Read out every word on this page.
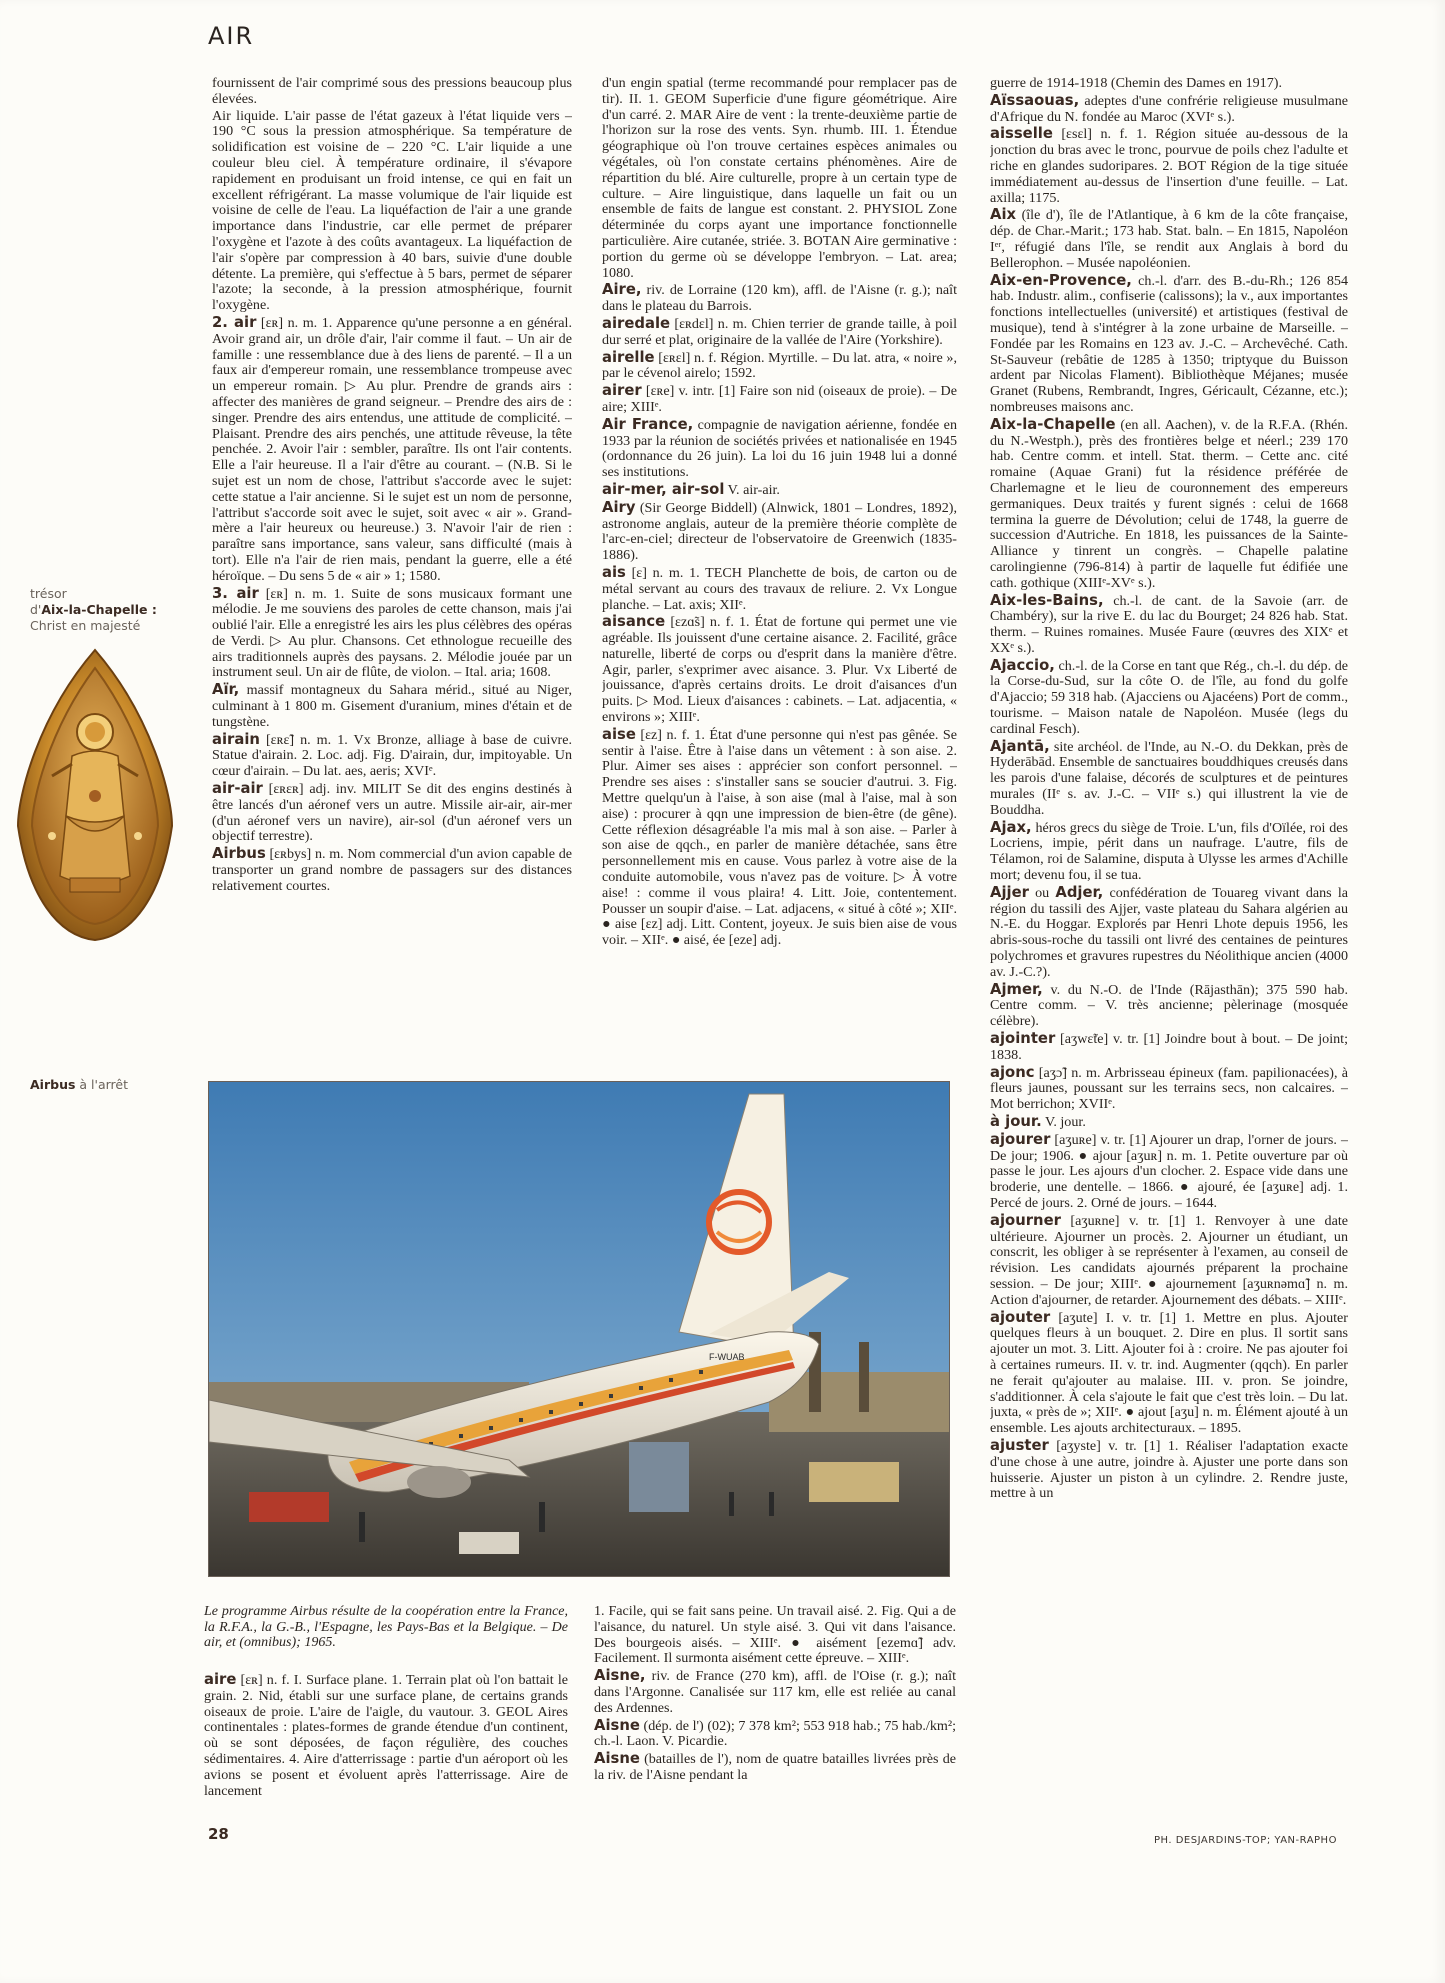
AIR
trésor
d'Aix-la-Chapelle :
Christ en majesté
Airbus à l'arrêt

fournissent de l'air comprimé sous des pressions beaucoup plus élevées.

Air liquide. L'air passe de l'état gazeux à l'état liquide vers – 190 °C sous la pression atmosphérique. Sa température de solidification est voisine de – 220 °C. L'air liquide a une couleur bleu ciel. À température ordinaire, il s'évapore rapidement en produisant un froid intense, ce qui en fait un excellent réfrigérant. La masse volumique de l'air liquide est voisine de celle de l'eau. La liquéfaction de l'air a une grande importance dans l'industrie, car elle permet de préparer l'oxygène et l'azote à des coûts avantageux. La liquéfaction de l'air s'opère par compression à 40 bars, suivie d'une double détente. La première, qui s'effectue à 5 bars, permet de séparer l'azote; la seconde, à la pression atmosphérique, fournit l'oxygène.

2. air [ɛʀ] n. m. 1. Apparence qu'une personne a en général. Avoir grand air, un drôle d'air, l'air comme il faut. – Un air de famille : une ressemblance due à des liens de parenté. – Il a un faux air d'empereur romain, une ressemblance trompeuse avec un empereur romain. ▷ Au plur. Prendre de grands airs : affecter des manières de grand seigneur. – Prendre des airs de : singer. Prendre des airs entendus, une attitude de complicité. – Plaisant. Prendre des airs penchés, une attitude rêveuse, la tête penchée. 2. Avoir l'air : sembler, paraître. Ils ont l'air contents. Elle a l'air heureuse. Il a l'air d'être au courant. – (N.B. Si le sujet est un nom de chose, l'attribut s'accorde avec le sujet: cette statue a l'air ancienne. Si le sujet est un nom de personne, l'attribut s'accorde soit avec le sujet, soit avec « air ». Grand-mère a l'air heureux ou heureuse.) 3. N'avoir l'air de rien : paraître sans importance, sans valeur, sans difficulté (mais à tort). Elle n'a l'air de rien mais, pendant la guerre, elle a été héroïque. – Du sens 5 de « air » 1; 1580.

3. air [ɛʀ] n. m. 1. Suite de sons musicaux formant une mélodie. Je me souviens des paroles de cette chanson, mais j'ai oublié l'air. Elle a enregistré les airs les plus célèbres des opéras de Verdi. ▷ Au plur. Chansons. Cet ethnologue recueille des airs traditionnels auprès des paysans. 2. Mélodie jouée par un instrument seul. Un air de flûte, de violon. – Ital. aria; 1608.

Aïr, massif montagneux du Sahara mérid., situé au Niger, culminant à 1 800 m. Gisement d'uranium, mines d'étain et de tungstène.

airain [ɛʀɛ̃] n. m. 1. Vx Bronze, alliage à base de cuivre. Statue d'airain. 2. Loc. adj. Fig. D'airain, dur, impitoyable. Un cœur d'airain. – Du lat. aes, aeris; XVIᵉ.

air-air [ɛʀɛʀ] adj. inv. MILIT Se dit des engins destinés à être lancés d'un aéronef vers un autre. Missile air-air, air-mer (d'un aéronef vers un navire), air-sol (d'un aéronef vers un objectif terrestre).

Airbus [ɛʀbys] n. m. Nom commercial d'un avion capable de transporter un grand nombre de passagers sur des distances relativement courtes.

d'un engin spatial (terme recommandé pour remplacer pas de tir). II. 1. GEOM Superficie d'une figure géométrique. Aire d'un carré. 2. MAR Aire de vent : la trente-deuxième partie de l'horizon sur la rose des vents. Syn. rhumb. III. 1. Étendue géographique où l'on trouve certaines espèces animales ou végétales, où l'on constate certains phénomènes. Aire de répartition du blé. Aire culturelle, propre à un certain type de culture. – Aire linguistique, dans laquelle un fait ou un ensemble de faits de langue est constant. 2. PHYSIOL Zone déterminée du corps ayant une importance fonctionnelle particulière. Aire cutanée, striée. 3. BOTAN Aire germinative : portion du germe où se développe l'embryon. – Lat. area; 1080.

Aire, riv. de Lorraine (120 km), affl. de l'Aisne (r. g.); naît dans le plateau du Barrois.

airedale [ɛʀdɛl] n. m. Chien terrier de grande taille, à poil dur serré et plat, originaire de la vallée de l'Aire (Yorkshire).

airelle [ɛʀɛl] n. f. Région. Myrtille. – Du lat. atra, « noire », par le cévenol airelo; 1592.

airer [ɛʀe] v. intr. [1] Faire son nid (oiseaux de proie). – De aire; XIIIᵉ.

Air France, compagnie de navigation aérienne, fondée en 1933 par la réunion de sociétés privées et nationalisée en 1945 (ordonnance du 26 juin). La loi du 16 juin 1948 lui a donné ses institutions.

air-mer, air-sol V. air-air.

Airy (Sir George Biddell) (Alnwick, 1801 – Londres, 1892), astronome anglais, auteur de la première théorie complète de l'arc-en-ciel; directeur de l'observatoire de Greenwich (1835-1886).

ais [ɛ] n. m. 1. TECH Planchette de bois, de carton ou de métal servant au cours des travaux de reliure. 2. Vx Longue planche. – Lat. axis; XIIᵉ.

aisance [ɛzɑ̃s] n. f. 1. État de fortune qui permet une vie agréable. Ils jouissent d'une certaine aisance. 2. Facilité, grâce naturelle, liberté de corps ou d'esprit dans la manière d'être. Agir, parler, s'exprimer avec aisance. 3. Plur. Vx Liberté de jouissance, d'après certains droits. Le droit d'aisances d'un puits. ▷ Mod. Lieux d'aisances : cabinets. – Lat. adjacentia, « environs »; XIIIᵉ.

aise [ɛz] n. f. 1. État d'une personne qui n'est pas gênée. Se sentir à l'aise. Être à l'aise dans un vêtement : à son aise. 2. Plur. Aimer ses aises : apprécier son confort personnel. – Prendre ses aises : s'installer sans se soucier d'autrui. 3. Fig. Mettre quelqu'un à l'aise, à son aise (mal à l'aise, mal à son aise) : procurer à qqn une impression de bien-être (de gêne). Cette réflexion désagréable l'a mis mal à son aise. – Parler à son aise de qqch., en parler de manière détachée, sans être personnellement mis en cause. Vous parlez à votre aise de la conduite automobile, vous n'avez pas de voiture. ▷ À votre aise! : comme il vous plaira! 4. Litt. Joie, contentement. Pousser un soupir d'aise. – Lat. adjacens, « situé à côté »; XIIᵉ. ● aise [ɛz] adj. Litt. Content, joyeux. Je suis bien aise de vous voir. – XIIᵉ. ● aisé, ée [eze] adj.

guerre de 1914-1918 (Chemin des Dames en 1917).

Aïssaouas, adeptes d'une confrérie religieuse musulmane d'Afrique du N. fondée au Maroc (XVIᵉ s.).

aisselle [ɛsɛl] n. f. 1. Région située au-dessous de la jonction du bras avec le tronc, pourvue de poils chez l'adulte et riche en glandes sudoripares. 2. BOT Région de la tige située immédiatement au-dessus de l'insertion d'une feuille. – Lat. axilla; 1175.

Aix (île d'), île de l'Atlantique, à 6 km de la côte française, dép. de Char.-Marit.; 173 hab. Stat. baln. – En 1815, Napoléon Iᵉʳ, réfugié dans l'île, se rendit aux Anglais à bord du Bellerophon. – Musée napoléonien.

Aix-en-Provence, ch.-l. d'arr. des B.-du-Rh.; 126 854 hab. Industr. alim., confiserie (calissons); la v., aux importantes fonctions intellectuelles (université) et artistiques (festival de musique), tend à s'intégrer à la zone urbaine de Marseille. – Fondée par les Romains en 123 av. J.-C. – Archevêché. Cath. St-Sauveur (rebâtie de 1285 à 1350; triptyque du Buisson ardent par Nicolas Flament). Bibliothèque Méjanes; musée Granet (Rubens, Rembrandt, Ingres, Géricault, Cézanne, etc.); nombreuses maisons anc.

Aix-la-Chapelle (en all. Aachen), v. de la R.F.A. (Rhén. du N.-Westph.), près des frontières belge et néerl.; 239 170 hab. Centre comm. et intell. Stat. therm. – Cette anc. cité romaine (Aquae Grani) fut la résidence préférée de Charlemagne et le lieu de couronnement des empereurs germaniques. Deux traités y furent signés : celui de 1668 termina la guerre de Dévolution; celui de 1748, la guerre de succession d'Autriche. En 1818, les puissances de la Sainte-Alliance y tinrent un congrès. – Chapelle palatine carolingienne (796-814) à partir de laquelle fut édifiée une cath. gothique (XIIIᵉ-XVᵉ s.).

Aix-les-Bains, ch.-l. de cant. de la Savoie (arr. de Chambéry), sur la rive E. du lac du Bourget; 24 826 hab. Stat. therm. – Ruines romaines. Musée Faure (œuvres des XIXᵉ et XXᵉ s.).

Ajaccio, ch.-l. de la Corse en tant que Rég., ch.-l. du dép. de la Corse-du-Sud, sur la côte O. de l'île, au fond du golfe d'Ajaccio; 59 318 hab. (Ajacciens ou Ajacéens) Port de comm., tourisme. – Maison natale de Napoléon. Musée (legs du cardinal Fesch).

Ajantā, site archéol. de l'Inde, au N.-O. du Dekkan, près de Hyderābād. Ensemble de sanctuaires bouddhiques creusés dans les parois d'une falaise, décorés de sculptures et de peintures murales (IIᵉ s. av. J.-C. – VIIᵉ s.) qui illustrent la vie de Bouddha.

Ajax, héros grecs du siège de Troie. L'un, fils d'Oïlée, roi des Locriens, impie, périt dans un naufrage. L'autre, fils de Télamon, roi de Salamine, disputa à Ulysse les armes d'Achille mort; devenu fou, il se tua.

Ajjer ou Adjer, confédération de Touareg vivant dans la région du tassili des Ajjer, vaste plateau du Sahara algérien au N.-E. du Hoggar. Explorés par Henri Lhote depuis 1956, les abris-sous-roche du tassili ont livré des centaines de peintures polychromes et gravures rupestres du Néolithique ancien (4000 av. J.-C.?).

Ajmer, v. du N.-O. de l'Inde (Rājasthān); 375 590 hab. Centre comm. – V. très ancienne; pèlerinage (mosquée célèbre).

ajointer [aʒwɛ̃te] v. tr. [1] Joindre bout à bout. – De joint; 1838.

ajonc [aʒɔ̃] n. m. Arbrisseau épineux (fam. papilionacées), à fleurs jaunes, poussant sur les terrains secs, non calcaires. – Mot berrichon; XVIIᵉ.

à jour. V. jour.

ajourer [aʒuʀe] v. tr. [1] Ajourer un drap, l'orner de jours. – De jour; 1906. ● ajour [aʒuʀ] n. m. 1. Petite ouverture par où passe le jour. Les ajours d'un clocher. 2. Espace vide dans une broderie, une dentelle. – 1866. ● ajouré, ée [aʒuʀe] adj. 1. Percé de jours. 2. Orné de jours. – 1644.

ajourner [aʒuʀne] v. tr. [1] 1. Renvoyer à une date ultérieure. Ajourner un procès. 2. Ajourner un étudiant, un conscrit, les obliger à se représenter à l'examen, au conseil de révision. Les candidats ajournés préparent la prochaine session. – De jour; XIIIᵉ. ● ajournement [aʒuʀnəmɑ̃] n. m. Action d'ajourner, de retarder. Ajournement des débats. – XIIIᵉ.

ajouter [aʒute] I. v. tr. [1] 1. Mettre en plus. Ajouter quelques fleurs à un bouquet. 2. Dire en plus. Il sortit sans ajouter un mot. 3. Litt. Ajouter foi à : croire. Ne pas ajouter foi à certaines rumeurs. II. v. tr. ind. Augmenter (qqch). En parler ne ferait qu'ajouter au malaise. III. v. pron. Se joindre, s'additionner. À cela s'ajoute le fait que c'est très loin. – Du lat. juxta, « près de »; XIIᵉ. ● ajout [aʒu] n. m. Élément ajouté à un ensemble. Les ajouts architecturaux. – 1895.

ajuster [aʒyste] v. tr. [1] 1. Réaliser l'adaptation exacte d'une chose à une autre, joindre à. Ajuster une porte dans son huisserie. Ajuster un piston à un cylindre. 2. Rendre juste, mettre à un

F-WUAB
Le programme Airbus résulte de la coopération entre la France, la R.F.A., la G.-B., l'Espagne, les Pays-Bas et la Belgique. – De air, et (omnibus); 1965.

aire [ɛʀ] n. f. I. Surface plane. 1. Terrain plat où l'on battait le grain. 2. Nid, établi sur une surface plane, de certains grands oiseaux de proie. L'aire de l'aigle, du vautour. 3. GEOL Aires continentales : plates-formes de grande étendue d'un continent, où se sont déposées, de façon régulière, des couches sédimentaires. 4. Aire d'atterrissage : partie d'un aéroport où les avions se posent et évoluent après l'atterrissage. Aire de lancement

1. Facile, qui se fait sans peine. Un travail aisé. 2. Fig. Qui a de l'aisance, du naturel. Un style aisé. 3. Qui vit dans l'aisance. Des bourgeois aisés. – XIIIᵉ. ● aisément [ezemɑ̃] adv. Facilement. Il surmonta aisément cette épreuve. – XIIIᵉ.

Aisne, riv. de France (270 km), affl. de l'Oise (r. g.); naît dans l'Argonne. Canalisée sur 117 km, elle est reliée au canal des Ardennes.

Aisne (dép. de l') (02); 7 378 km²; 553 918 hab.; 75 hab./km²; ch.-l. Laon. V. Picardie.

Aisne (batailles de l'), nom de quatre batailles livrées près de la riv. de l'Aisne pendant la

28	PH. DESJARDINS-TOP; YAN-RAPHO
